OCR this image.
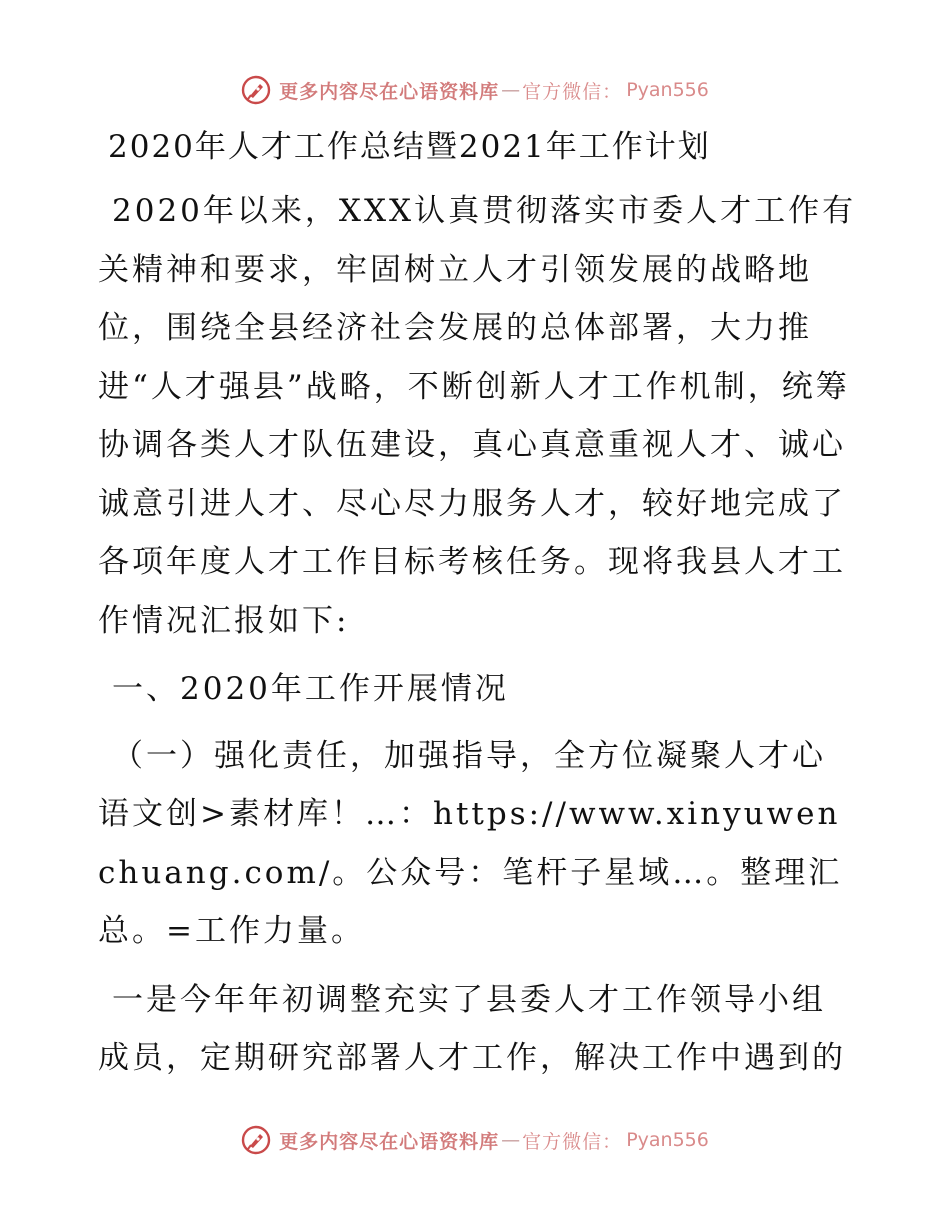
更多内容尽在心语资料库 — 官方微信： Pyan556
2020年人才工作总结暨2021年工作计划

2020年以来，XXX认真贯彻落实市委人才工作有关精神和要求，牢固树立人才引领发展的战略地位，围绕全县经济社会发展的总体部署，大力推进“人才强县”战略，不断创新人才工作机制，统筹协调各类人才队伍建设，真心真意重视人才、诚心诚意引进人才、尽心尽力服务人才，较好地完成了各项年度人才工作目标考核任务。现将我县人才工作情况汇报如下:

一、2020年工作开展情况

（一）强化责任，加强指导，全方位凝聚人才心语文创>素材库！…：https://www.xinyuwenchuang.com/。公众号：笔杆子星域…。整理汇总。=工作力量。

一是今年年初调整充实了县委人才工作领导小组成员，定期研究部署人才工作，解决工作中遇到的

更多内容尽在心语资料库 — 官方微信： Pyan556
